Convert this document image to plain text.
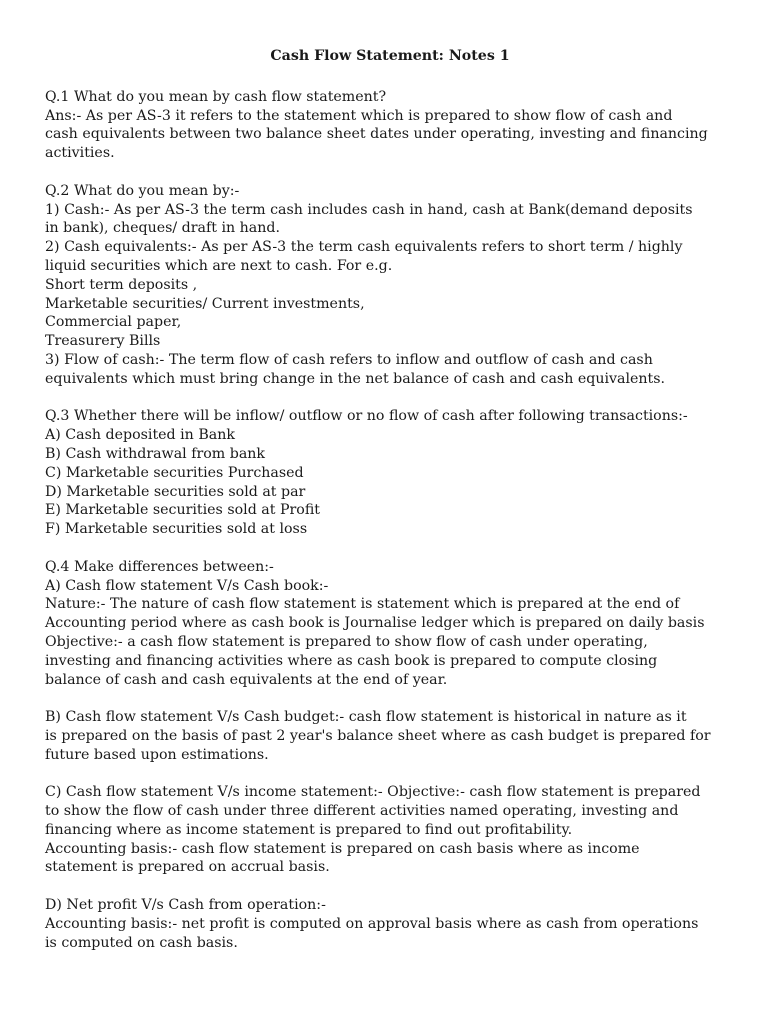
Cash Flow Statement: Notes 1
Q.1 What do you mean by cash flow statement?
Ans:- As per AS-3 it refers to the statement which is prepared to show flow of cash and
cash equivalents between two balance sheet dates under operating, investing and financing
activities.
Q.2 What do you mean by:-
1) Cash:- As per AS-3 the term cash includes cash in hand, cash at Bank(demand deposits
in bank), cheques/ draft in hand.
2) Cash equivalents:- As per AS-3 the term cash equivalents refers to short term / highly
liquid securities which are next to cash. For e.g.
Short term deposits ,
Marketable securities/ Current investments,
Commercial paper,
Treasurery Bills
3) Flow of cash:- The term flow of cash refers to inflow and outflow of cash and cash
equivalents which must bring change in the net balance of cash and cash equivalents.
Q.3 Whether there will be inflow/ outflow or no flow of cash after following transactions:-
A) Cash deposited in Bank
B) Cash withdrawal from bank
C) Marketable securities Purchased
D) Marketable securities sold at par
E) Marketable securities sold at Profit
F) Marketable securities sold at loss
Q.4 Make differences between:-
A) Cash flow statement V/s Cash book:-
Nature:- The nature of cash flow statement is statement which is prepared at the end of
Accounting period where as cash book is Journalise ledger which is prepared on daily basis
Objective:- a cash flow statement is prepared to show flow of cash under operating,
investing and financing activities where as cash book is prepared to compute closing
balance of cash and cash equivalents at the end of year.
B) Cash flow statement V/s Cash budget:- cash flow statement is historical in nature as it
is prepared on the basis of past 2 year's balance sheet where as cash budget is prepared for
future based upon estimations.
C) Cash flow statement V/s income statement:- Objective:- cash flow statement is prepared
to show the flow of cash under three different activities named operating, investing and
financing where as income statement is prepared to find out profitability.
Accounting basis:- cash flow statement is prepared on cash basis where as income
statement is prepared on accrual basis.
D) Net profit V/s Cash from operation:-
Accounting basis:- net profit is computed on approval basis where as cash from operations
is computed on cash basis.
